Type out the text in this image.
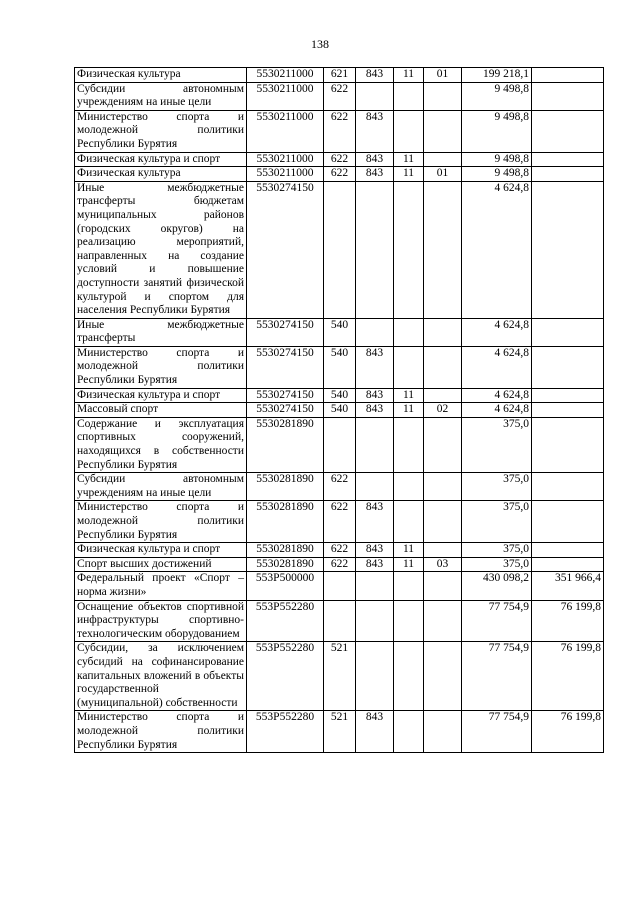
138
Физическая культура	5530211000	621	843	11	01	199 218,1	
Субсидии автономным учреждениям на иные цели	5530211000	622				9 498,8	
Министерство спорта и молодежной политики Республики Бурятия	5530211000	622	843			9 498,8	
Физическая культура и спорт	5530211000	622	843	11		9 498,8	
Физическая культура	5530211000	622	843	11	01	9 498,8	
Иные межбюджетные трансферты бюджетам муниципальных районов (городских округов) на реализацию мероприятий, направленных на создание условий и повышение доступности занятий физической культурой и спортом для населения Республики Бурятия	5530274150					4 624,8	
Иные межбюджетные трансферты	5530274150	540				4 624,8	
Министерство спорта и молодежной политики Республики Бурятия	5530274150	540	843			4 624,8	
Физическая культура и спорт	5530274150	540	843	11		4 624,8	
Массовый спорт	5530274150	540	843	11	02	4 624,8	
Содержание и эксплуатация спортивных сооружений, находящихся в собственности Республики Бурятия	5530281890					375,0	
Субсидии автономным учреждениям на иные цели	5530281890	622				375,0	
Министерство спорта и молодежной политики Республики Бурятия	5530281890	622	843			375,0	
Физическая культура и спорт	5530281890	622	843	11		375,0	
Спорт высших достижений	5530281890	622	843	11	03	375,0	
Федеральный проект «Спорт – норма жизни»	553P500000					430 098,2	351 966,4
Оснащение объектов спортивной инфраструктуры спортивно-технологическим оборудованием	553P552280					77 754,9	76 199,8
Субсидии, за исключением субсидий на софинансирование капитальных вложений в объекты государственной (муниципальной) собственности	553P552280	521				77 754,9	76 199,8
Министерство спорта и молодежной политики Республики Бурятия	553P552280	521	843			77 754,9	76 199,8
